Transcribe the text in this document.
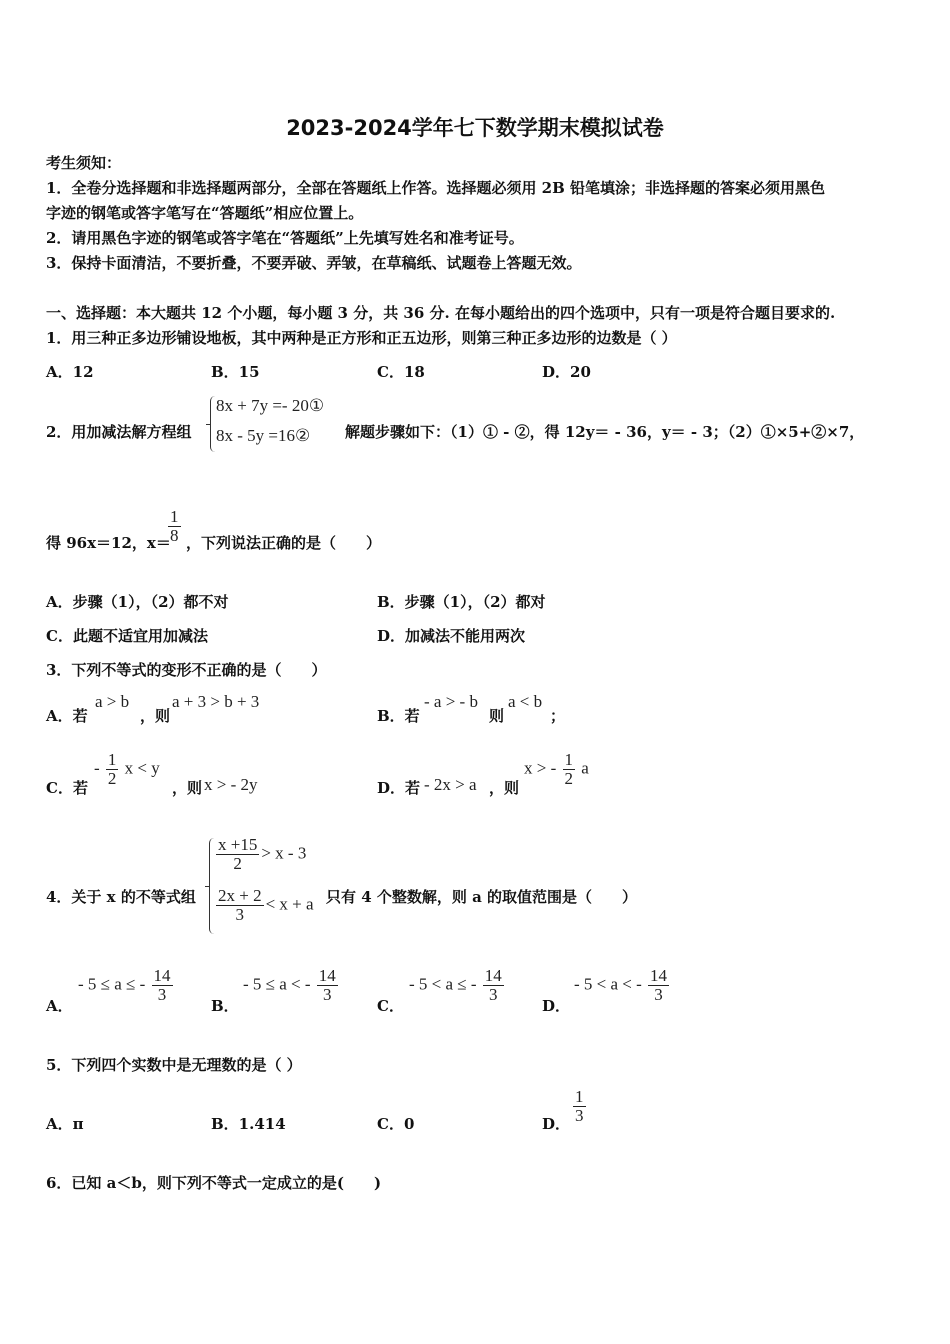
2023-2024学年七下数学期末模拟试卷
考生须知：
1．全卷分选择题和非选择题两部分，全部在答题纸上作答。选择题必须用 2B 铅笔填涂；非选择题的答案必须用黑色
字迹的钢笔或答字笔写在“答题纸”相应位置上。
2．请用黑色字迹的钢笔或答字笔在“答题纸”上先填写姓名和准考证号。
3．保持卡面清洁，不要折叠，不要弄破、弄皱，在草稿纸、试题卷上答题无效。
一、选择题：本大题共 12 个小题，每小题 3 分，共 36 分. 在每小题给出的四个选项中，只有一项是符合题目要求的.
1．用三种正多边形铺设地板，其中两种是正方形和正五边形，则第三种正多边形的边数是（ ）
A．12	B．15	C．18	D．20
2．用加减法解方程组
8x + 7y =- 20①
8x - 5y =16② 解题步骤如下：（1）① - ②，得 12y＝ - 36，y＝ - 3；（2）①×5+②×7，
得 96x＝12，x＝
$\frac{1}{8}$ ，下列说法正确的是（　　）
A．步骤（1），（2）都不对	B．步骤（1），（2）都对
C．此题不适宜用加减法	D．加减法不能用两次
3．下列不等式的变形不正确的是（　　）
A．若
a > b
，则
a + 3 > b + 3
B．若
- a > - b
则
a < b
；
C．若
- $\frac{1}{2}$ x < y
，则 x > - 2y	D．若 - 2x > a ，则
x > - $\frac{1}{2}$ a
4．关于 x 的不等式组
$\frac{x +15}{2} > x - 3$
$\frac{2x + 2}{3} < x + a$ 只有 4 个整数解，则 a 的取值范围是（　　）
A．
- 5 ≤ a ≤ - $\frac{14}{3}$
B．
- 5 ≤ a < - $\frac{14}{3}$
C．
- 5 < a ≤ - $\frac{14}{3}$
D．
- 5 < a < - $\frac{14}{3}$
5．下列四个实数中是无理数的是（ ）
A．π	B．1.414	C．0	D． $\frac{1}{3}$
6．已知 a＜b，则下列不等式一定成立的是(　　)
